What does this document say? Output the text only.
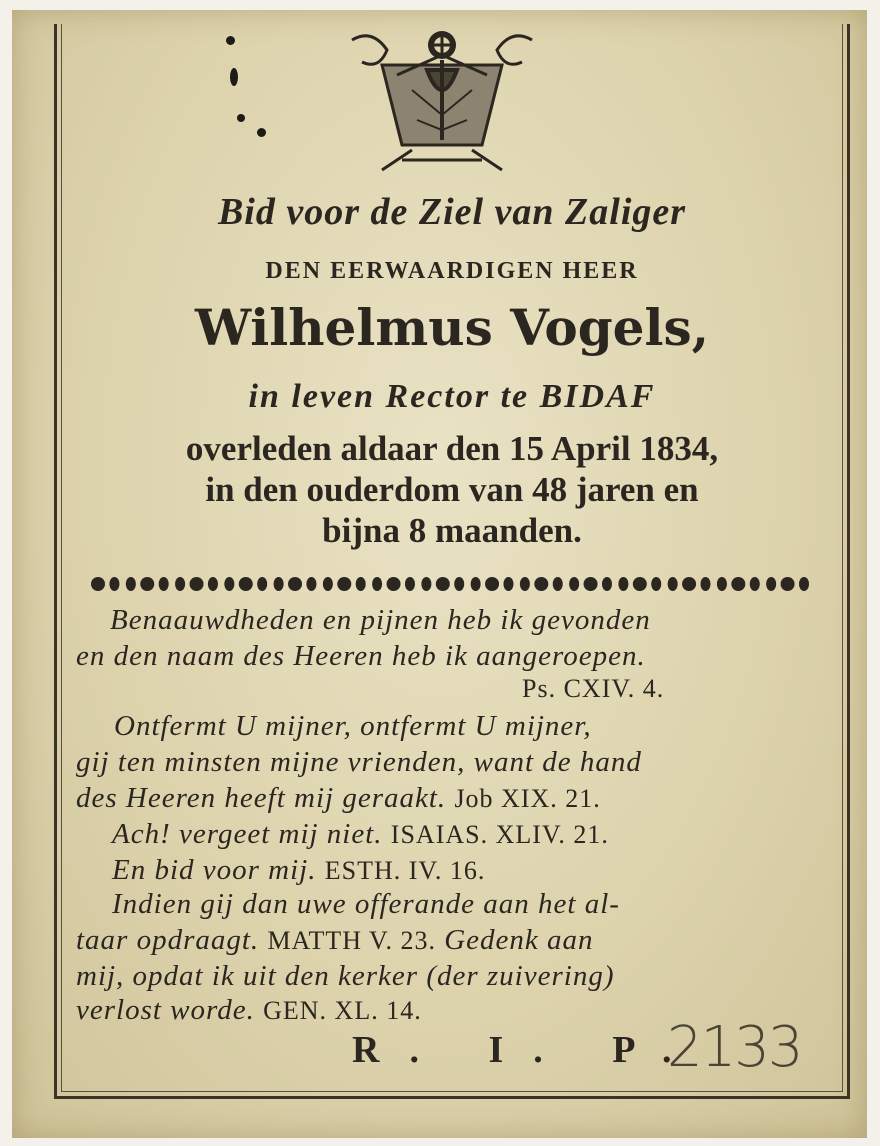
Bid voor de Ziel van Zaliger
DEN EERWAARDIGEN HEER
Wilhelmus Vogels,
in leven Rector te BIDAF
overleden aldaar den 15 April 1834,
in den ouderdom van 48 jaren en
bijna 8 maanden.
Benaauwdheden en pijnen heb ik gevonden
en den naam des Heeren heb ik aangeroepen.
Ps. CXIV. 4.
Ontfermt U mijner, ontfermt U mijner,
gij ten minsten mijne vrienden, want de hand
des Heeren heeft mij geraakt. Job XIX. 21.
Ach! vergeet mij niet. ISAIAS. XLIV. 21.
En bid voor mij. ESTH. IV. 16.
Indien gij dan uwe offerande aan het al-
taar opdraagt. MATTH V. 23. Gedenk aan
mij, opdat ik uit den kerker (der zuivering)
verlost worde. GEN. XL. 14.
R. I. P.
2133
